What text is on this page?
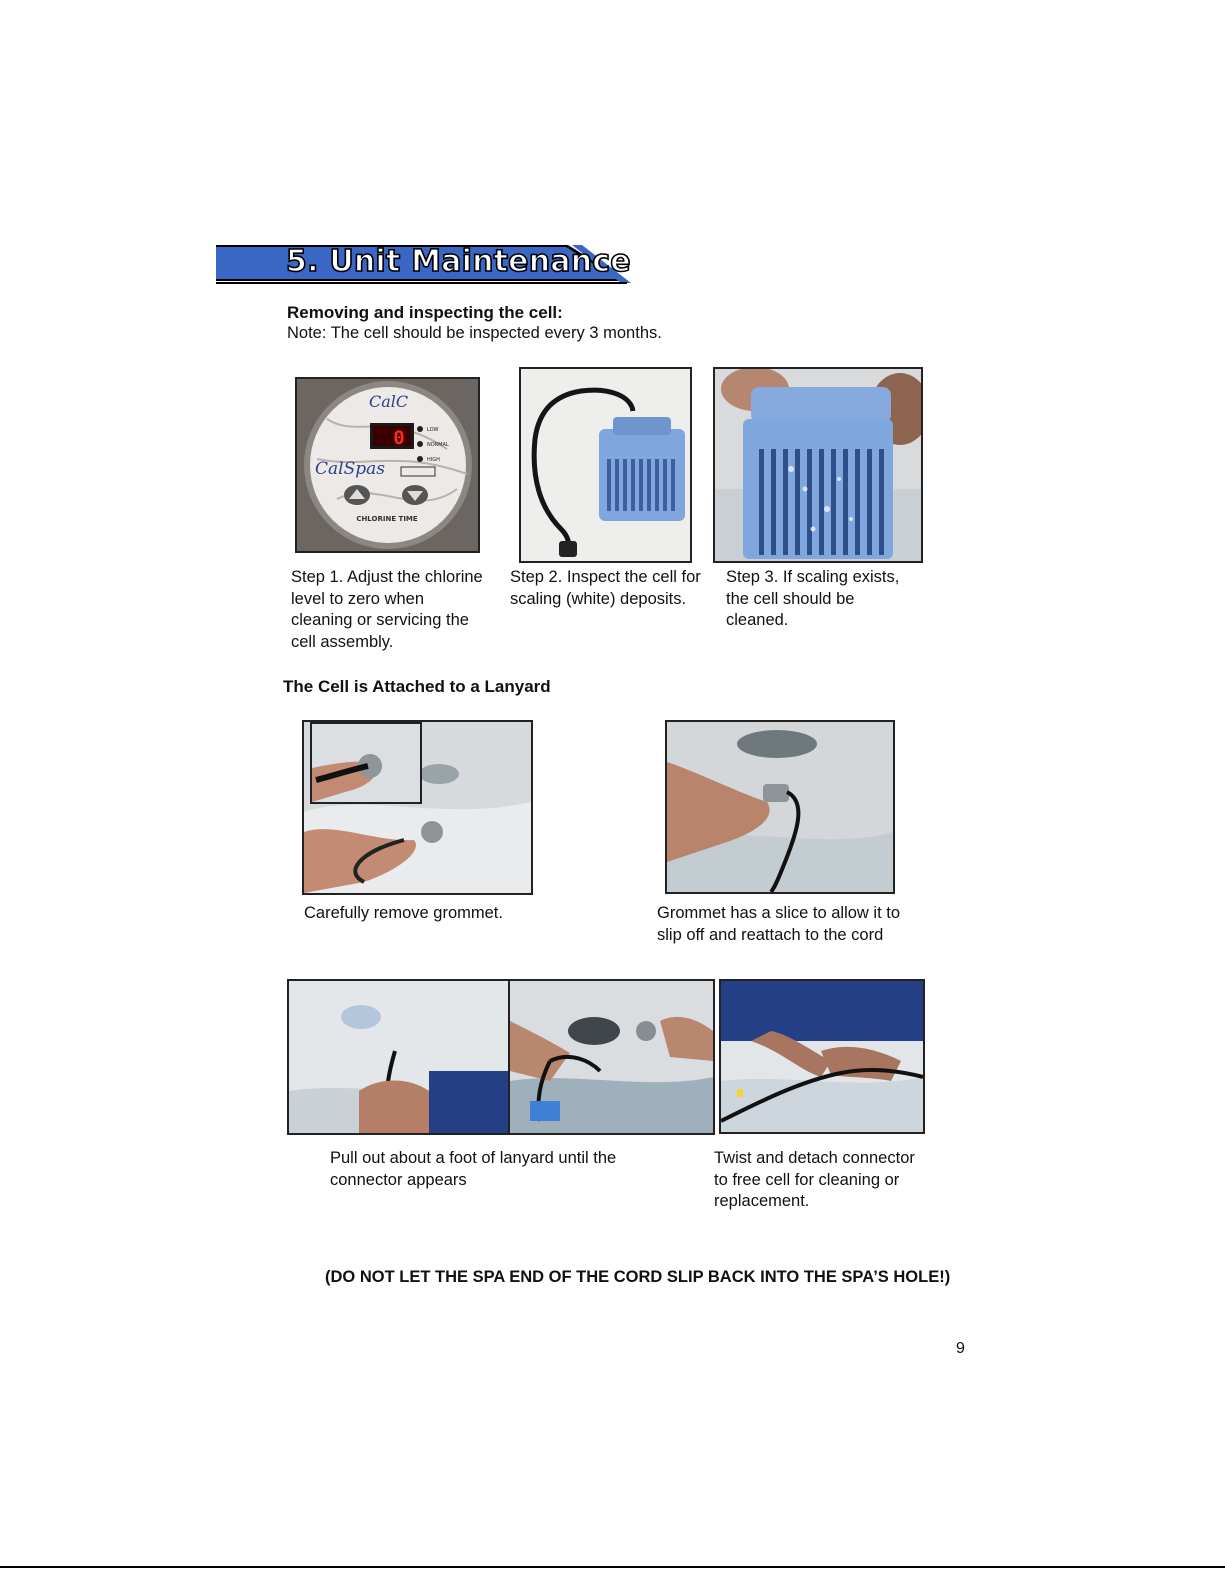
5. Unit Maintenance
Removing and inspecting the cell:
Note: The cell should be inspected every 3 months.
CalC
0	LOW
NORMAL
HIGH
CalSpas
CHLORINE TIME
Step 1. Adjust the chlorine
level to zero when
cleaning or servicing the
cell assembly.
Step 2. Inspect the cell for
scaling (white) deposits.
Step 3. If scaling exists,
the cell should be
cleaned.
The Cell is Attached to a Lanyard
Carefully remove grommet.	Grommet has a slice to allow it to
slip off and reattach to the cord
Pull out about a foot of lanyard until the
connector appears
Twist and detach connector
to free cell for cleaning or
replacement.
(DO NOT LET THE SPA END OF THE CORD SLIP BACK INTO THE SPA’S HOLE!)
9
